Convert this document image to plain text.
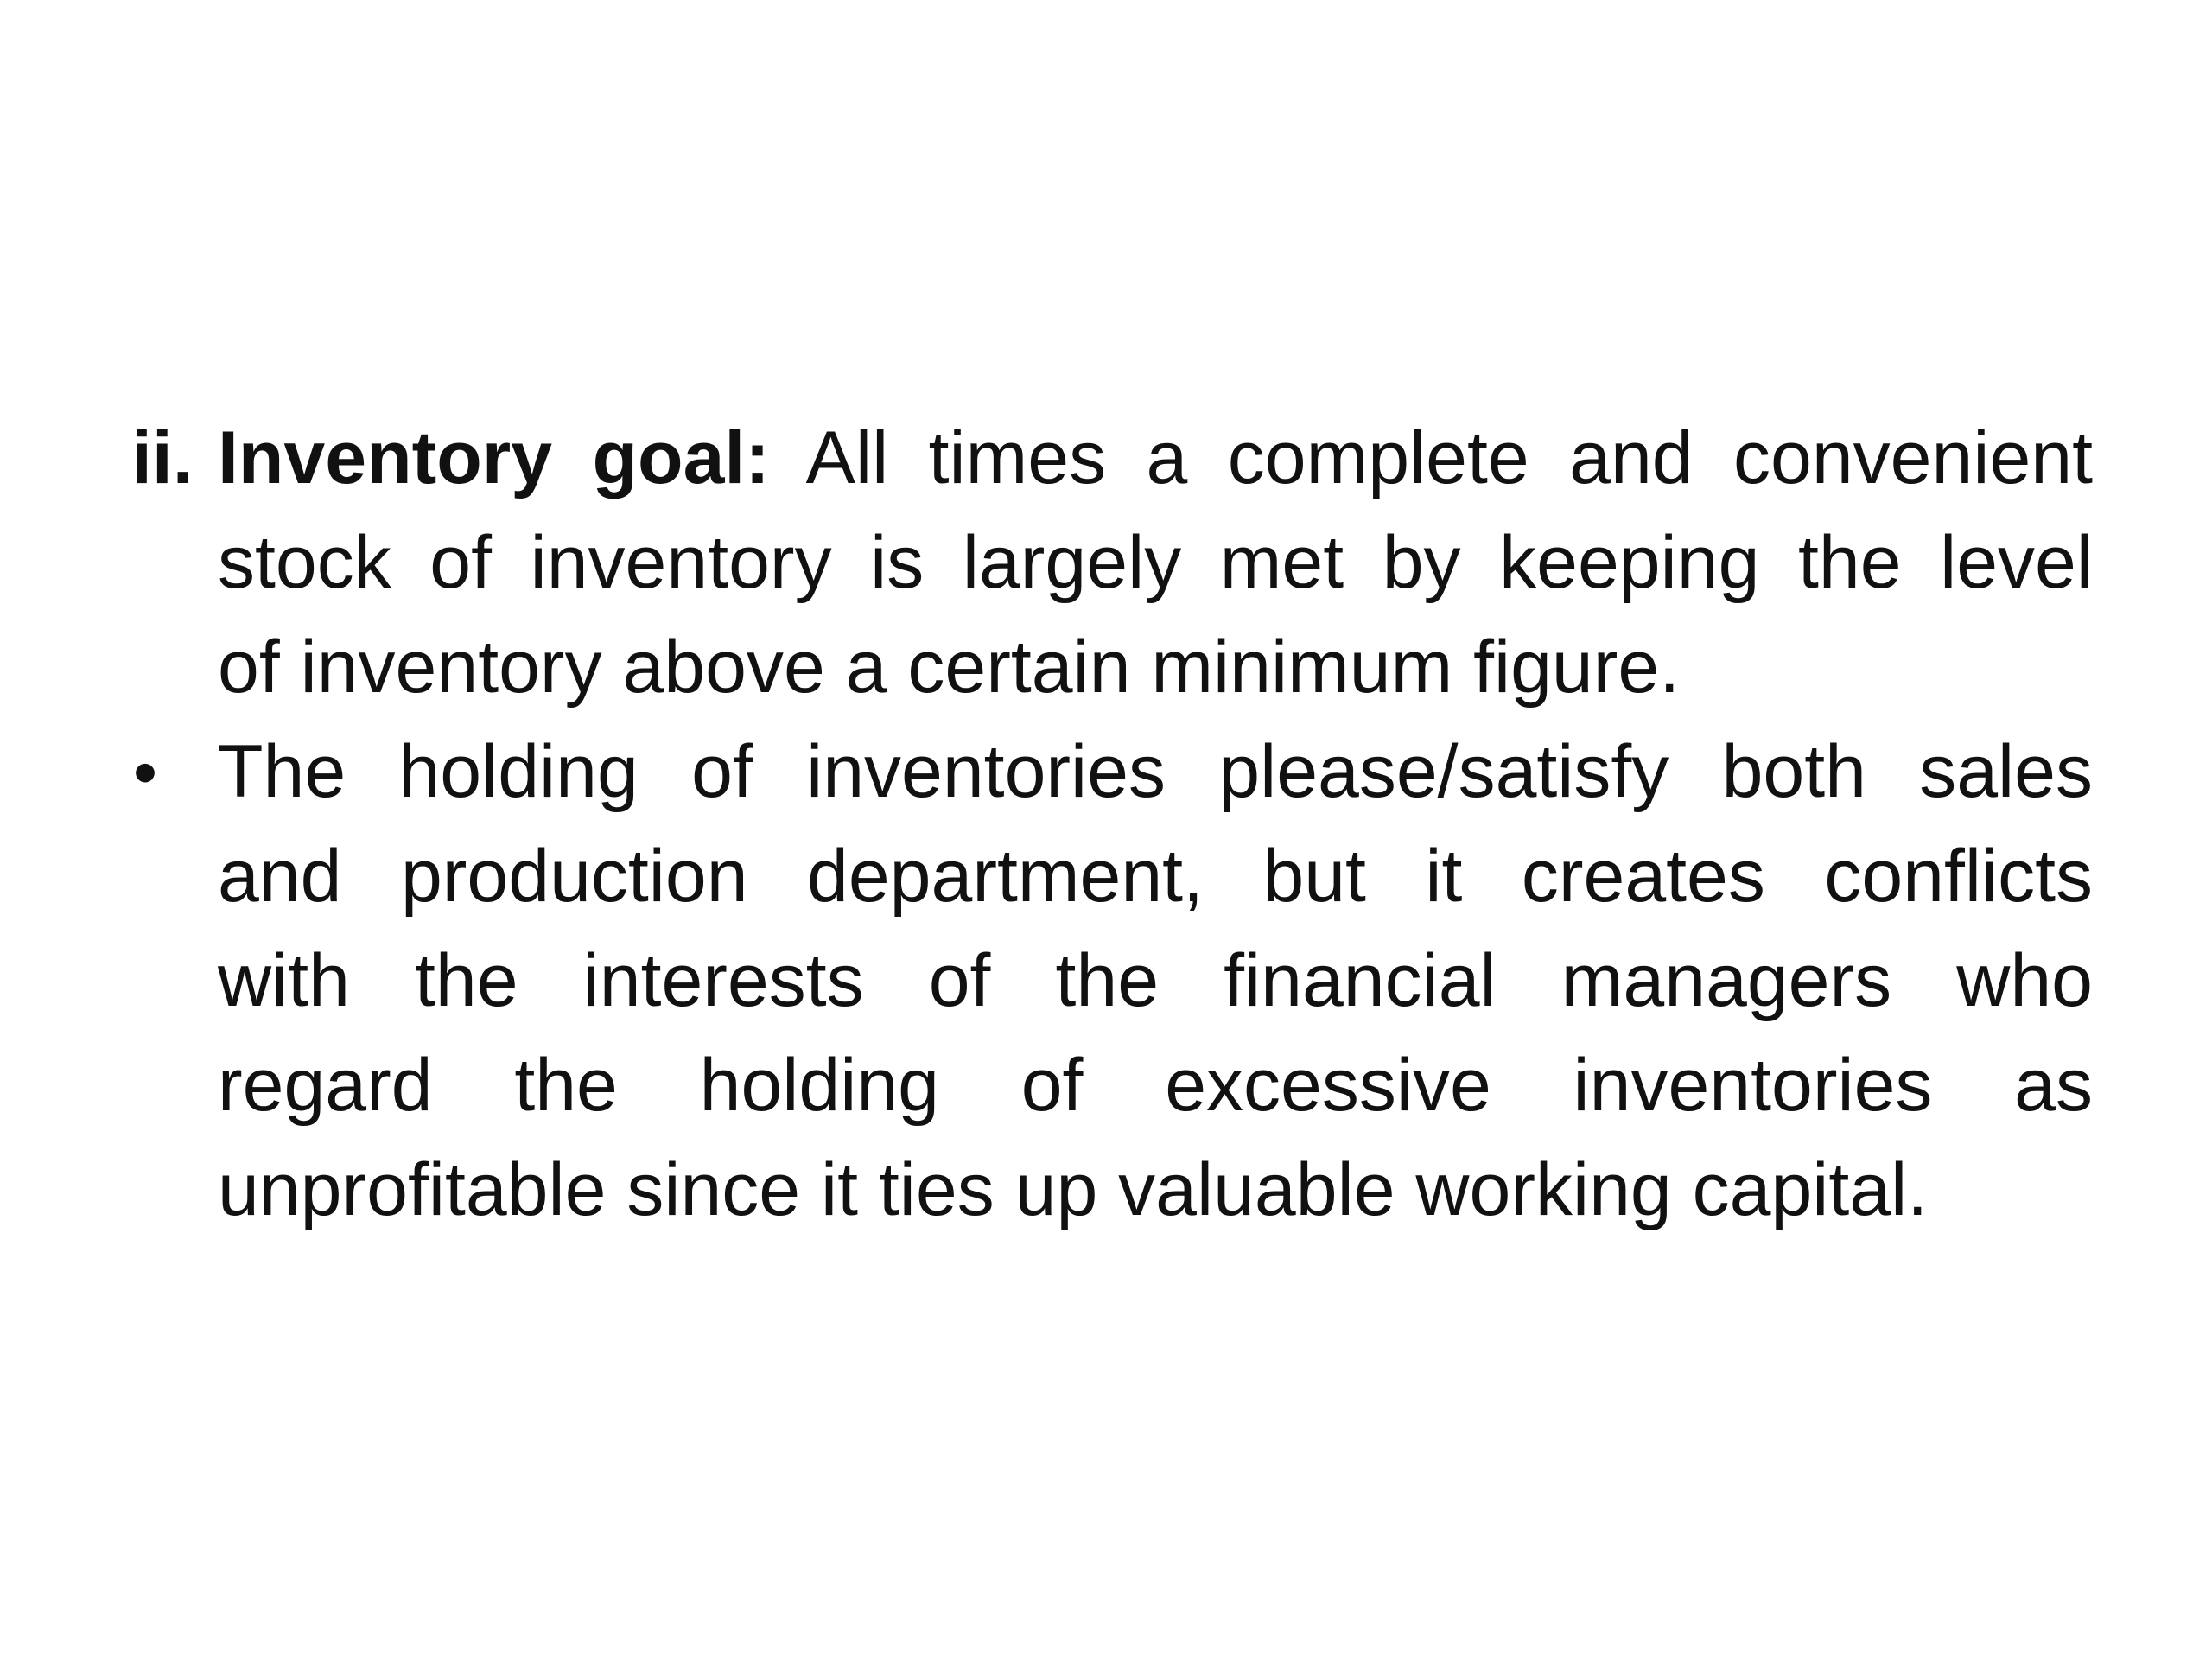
ii. Inventory goal: All times a complete and convenient
stock of inventory is largely met by keeping the level
of inventory above a certain minimum figure.
• The holding of inventories please/satisfy both sales
and production department, but it creates conflicts
with the interests of the financial managers who
regard the holding of excessive inventories as
unprofitable since it ties up valuable working capital.
